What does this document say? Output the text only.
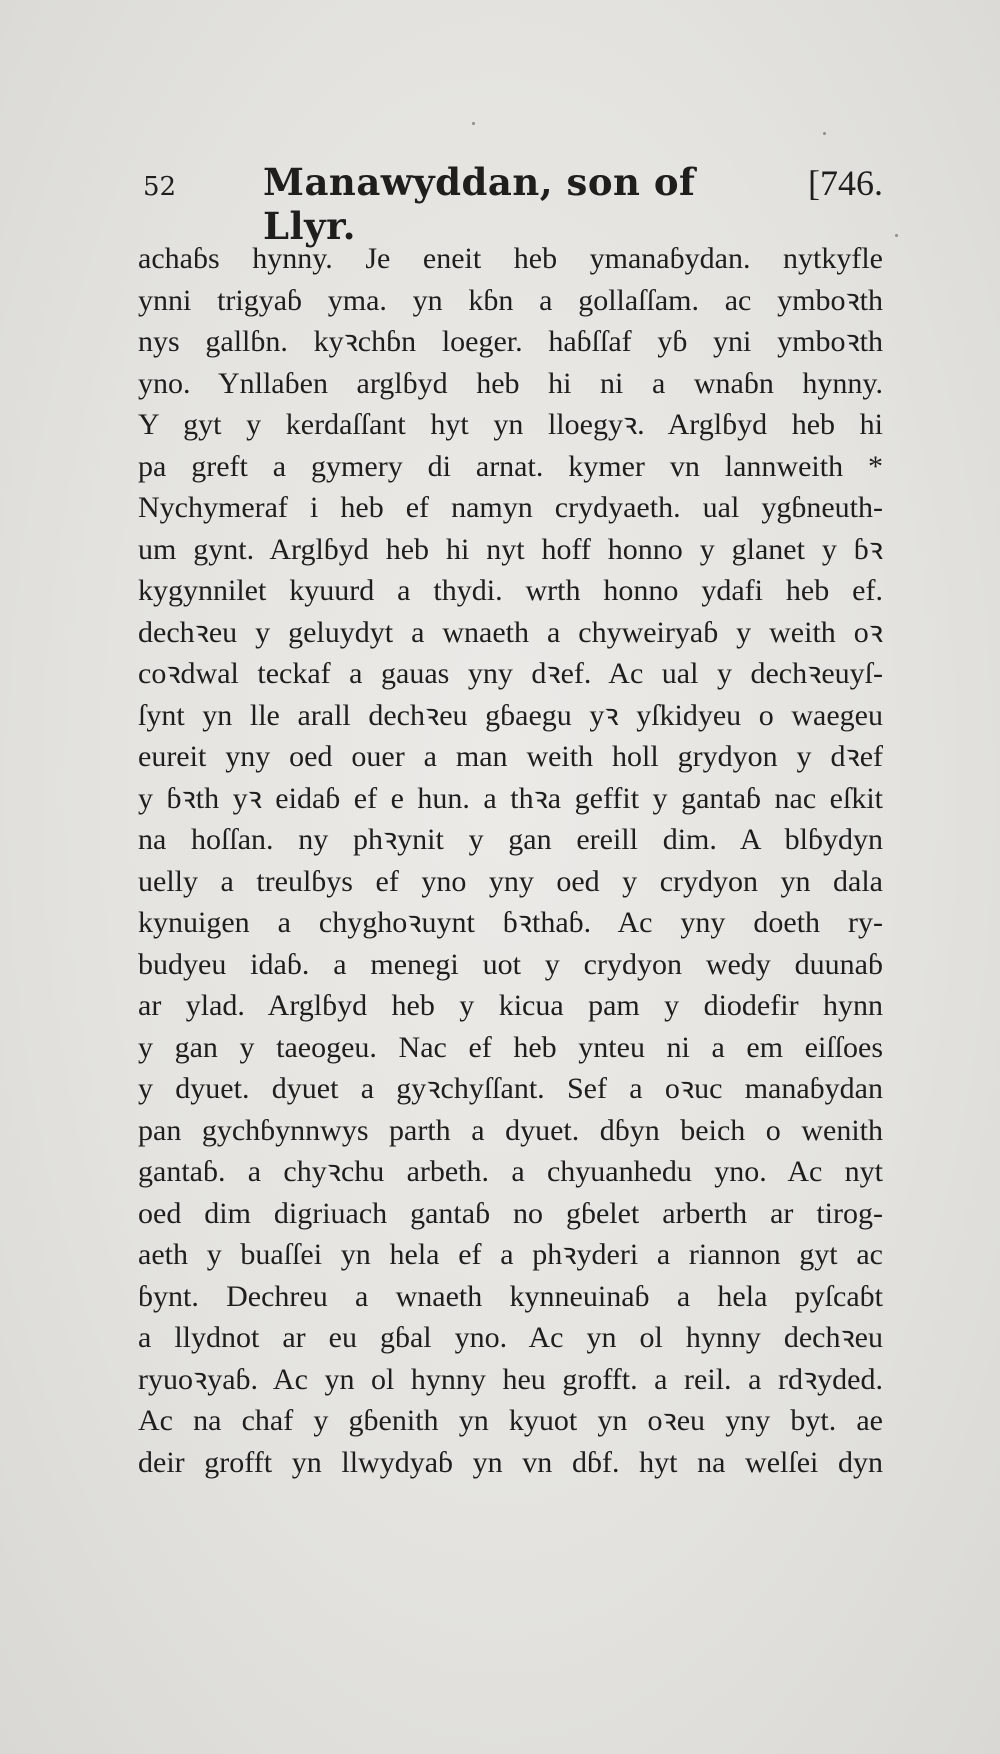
52	Manawyddan, son of Llyr.
[746.
achaɓs hynny. Je eneit heb ymanaɓydan. nytkyfle
ynni trigyaɓ yma. yn kɓn a gollaſſam. ac ymboꝛth
nys gallɓn. kyꝛchɓn loeger. haɓſſaf yɓ yni ymboꝛth
yno. Ynllaɓen arglɓyd heb hi ni a wnaɓn hynny.
Y gyt y kerdaſſant hyt yn lloegyꝛ. Arglɓyd heb hi
pa greft a gymery di arnat. kymer vn lannweith *
Nychymeraf i heb ef namyn crydyaeth. ual ygɓneuth-
um gynt. Arglɓyd heb hi nyt hoff honno y glanet y ɓꝛ
kygynnilet kyuurd a thydi. wrth honno ydafi heb ef.
dechꝛeu y geluydyt a wnaeth a chyweiryaɓ y weith oꝛ
coꝛdwal teckaf a gauas yny dꝛef. Ac ual y dechꝛeuyſ-
ſynt yn lle arall dechꝛeu gɓaegu yꝛ yſkidyeu o waegeu
eureit yny oed ouer a man weith holl grydyon y dꝛef
y ɓꝛth yꝛ eidaɓ ef e hun. a thꝛa geffit y gantaɓ nac eſkit
na hoſſan. ny phꝛynit y gan ereill dim. A blɓydyn
uelly a treulɓys ef yno yny oed y crydyon yn dala
kynuigen a chyghoꝛuynt ɓꝛthaɓ. Ac yny doeth ry-
budyeu idaɓ. a menegi uot y crydyon wedy duunaɓ
ar ylad. Arglɓyd heb y kicua pam y diodefir hynn
y gan y taeogeu. Nac ef heb ynteu ni a em eiſſoes
y dyuet. dyuet a gyꝛchyſſant. Sef a oꝛuc manaɓydan
pan gychɓynnwys parth a dyuet. dɓyn beich o wenith
gantaɓ. a chyꝛchu arbeth. a chyuanhedu yno. Ac nyt
oed dim digriuach gantaɓ no gɓelet arberth ar tirog-
aeth y buaſſei yn hela ef a phꝛyderi a riannon gyt ac
ɓynt. Dechreu a wnaeth kynneuinaɓ a hela pyſcaɓt
a llydnot ar eu gɓal yno. Ac yn ol hynny dechꝛeu
ryuoꝛyaɓ. Ac yn ol hynny heu grofft. a reil. a rdꝛyded.
Ac na chaf y gɓenith yn kyuot yn oꝛeu yny byt. ae
deir grofft yn llwydyaɓ yn vn dɓf. hyt na welſei dyn
